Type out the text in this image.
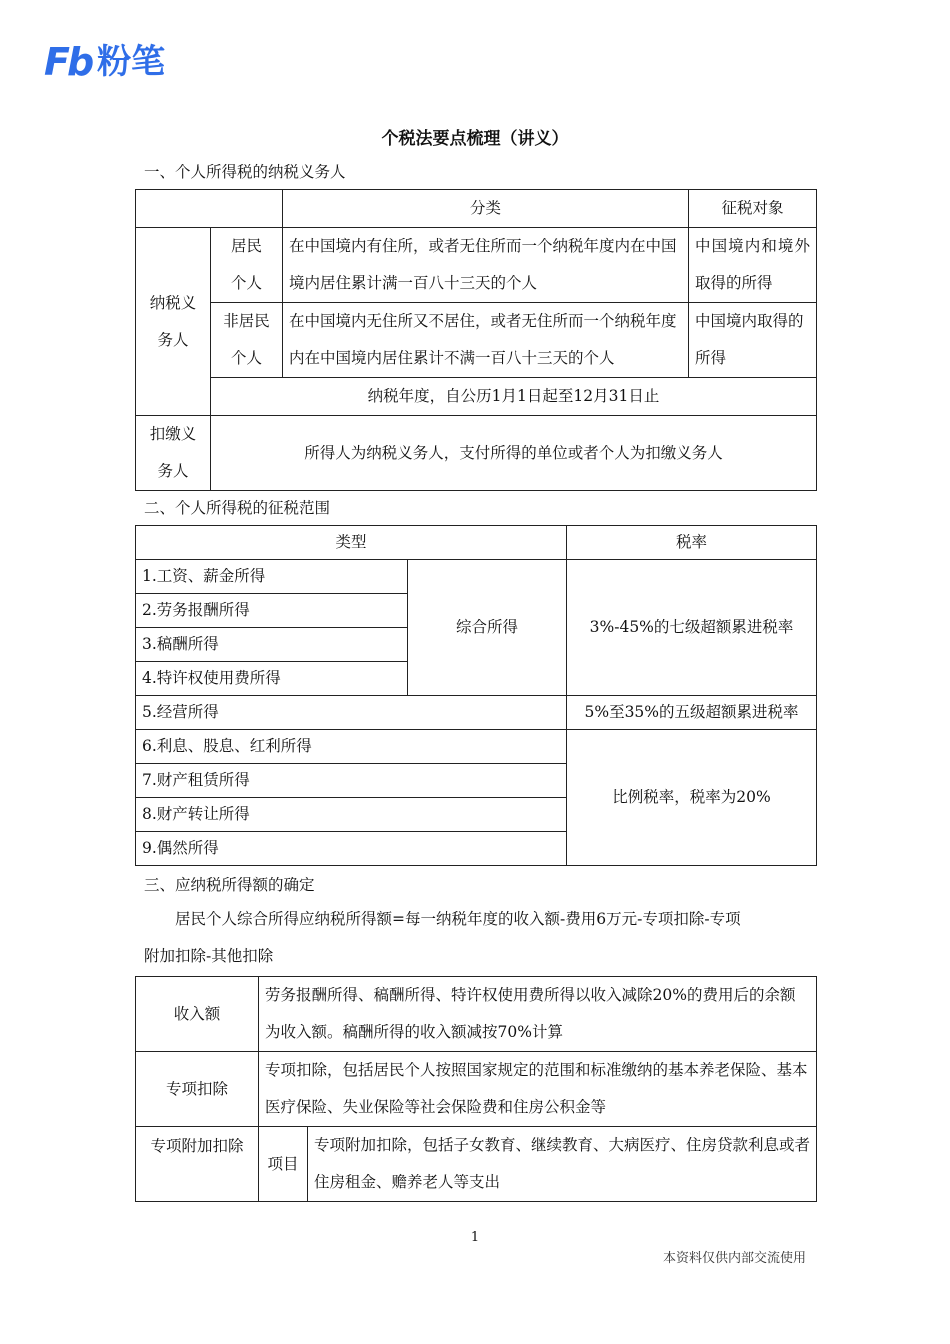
Fb 粉笔
个税法要点梳理（讲义）
一、个人所得税的纳税义务人
		分类	征税对象
纳税义务人	居民个人	在中国境内有住所，或者无住所而一个纳税年度内在中国境内居住累计满一百八十三天的个人	中国境内和境外取得的所得
	非居民个人	在中国境内无住所又不居住，或者无住所而一个纳税年度内在中国境内居住累计不满一百八十三天的个人	中国境内取得的所得
	纳税年度，自公历1月1日起至12月31日止		
扣缴义务人	所得人为纳税义务人，支付所得的单位或者个人为扣缴义务人		
二、个人所得税的征税范围
类型		税率
1.工资、薪金所得	综合所得	3%-45%的七级超额累进税率
2.劳务报酬所得		
3.稿酬所得		
4.特许权使用费所得		
5.经营所得		5%至35%的五级超额累进税率
6.利息、股息、红利所得		比例税率，税率为20%
7.财产租赁所得		
8.财产转让所得		
9.偶然所得		
三、应纳税所得额的确定
居民个人综合所得应纳税所得额=每一纳税年度的收入额-费用6万元-专项扣除-专项
附加扣除-其他扣除
收入额	劳务报酬所得、稿酬所得、特许权使用费所得以收入减除20%的费用后的余额为收入额。稿酬所得的收入额减按70%计算	
专项扣除	专项扣除，包括居民个人按照国家规定的范围和标准缴纳的基本养老保险、基本医疗保险、失业保险等社会保险费和住房公积金等	
专项附加扣除	项目	专项附加扣除，包括子女教育、继续教育、大病医疗、住房贷款利息或者住房租金、赡养老人等支出
1
本资料仅供内部交流使用
